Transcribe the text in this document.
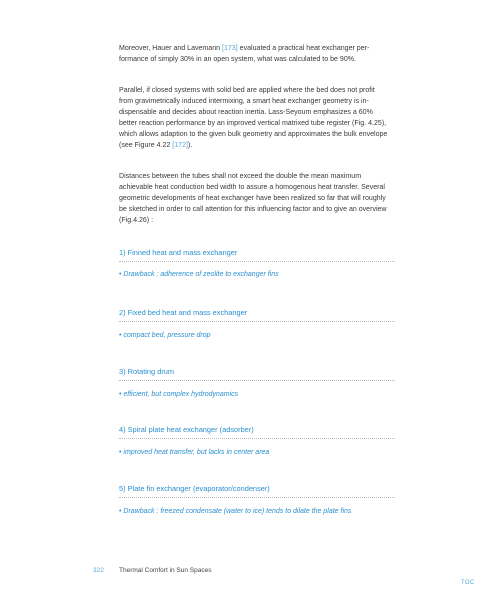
Moreover, Hauer and Lavemann [173] evaluated a practical heat exchanger per-formance of simply 30% in an open system, what was calculated to be 90%.

Parallel, if closed systems with solid bed are applied where the bed does not profit from gravimetrically induced intermixing, a smart heat exchanger geometry is in-dispensable and decides about reaction inertia. Lass-Seyoum emphasizes a 60% better reaction performance by an improved vertical matrixed tube register (Fig. 4.25), which allows adaption to the given bulk geometry and approximates the bulk envelope (see Figure 4.22 [172]).

Distances between the tubes shall not exceed the double the mean maximum achievable heat conduction bed width to assure a homogenous heat transfer. Several geometric developments of heat exchanger have been realized so far that will roughly be sketched in order to call attention for this influencing factor and to give an overview (Fig.4.26) :

1) Finned heat and mass exchanger
• Drawback : adherence of zeolite to exchanger fins
2) Fixed bed heat and mass exchanger
• compact bed, pressure drop
3) Rotating drum
• efficient, but complex hydrodynamics
4) Spiral plate heat exchanger (adsorber)
• improved heat transfer, but lacks in center area
5) Plate fin exchanger (evaporator/condenser)
• Drawback : freezed condensate (water to ice) tends to dilate the plate fins
322 Thermal Comfort in Sun Spaces
TOC
